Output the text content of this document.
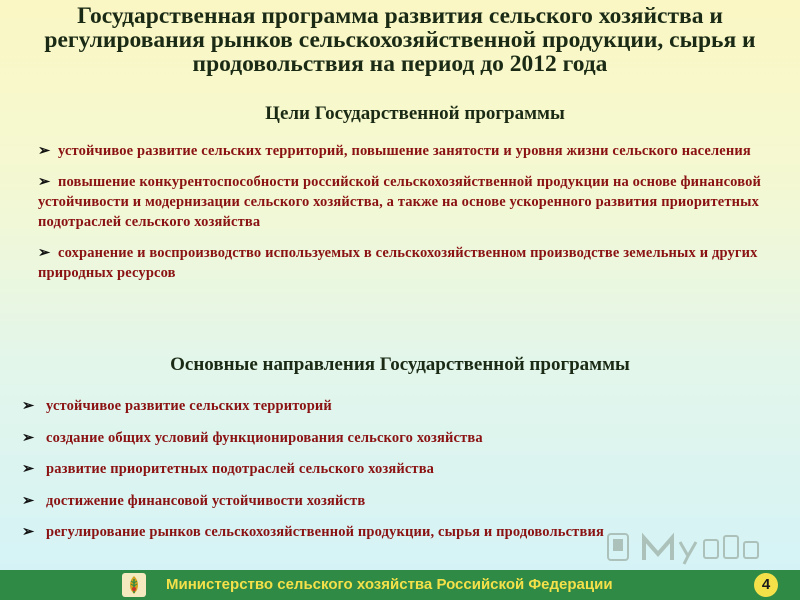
Государственная программа развития сельского хозяйства и регулирования рынков сельскохозяйственной продукции, сырья и продовольствия на период до 2012 года
Цели Государственной программы
➢ устойчивое развитие сельских территорий, повышение занятости и уровня жизни сельского населения
➢ повышение конкурентоспособности российской сельскохозяйственной продукции на основе финансовой устойчивости и модернизации сельского хозяйства, а также на основе ускоренного развития приоритетных подотраслей сельского хозяйства
➢ сохранение и воспроизводство используемых в сельскохозяйственном производстве земельных и других природных ресурсов
Основные направления Государственной программы
➢ устойчивое развитие сельских территорий
➢ создание общих условий функционирования сельского хозяйства
➢ развитие приоритетных подотраслей сельского хозяйства
➢ достижение финансовой устойчивости хозяйств
➢ регулирование рынков сельскохозяйственной продукции, сырья и продовольствия
Министерство сельского хозяйства Российской Федерации	4
